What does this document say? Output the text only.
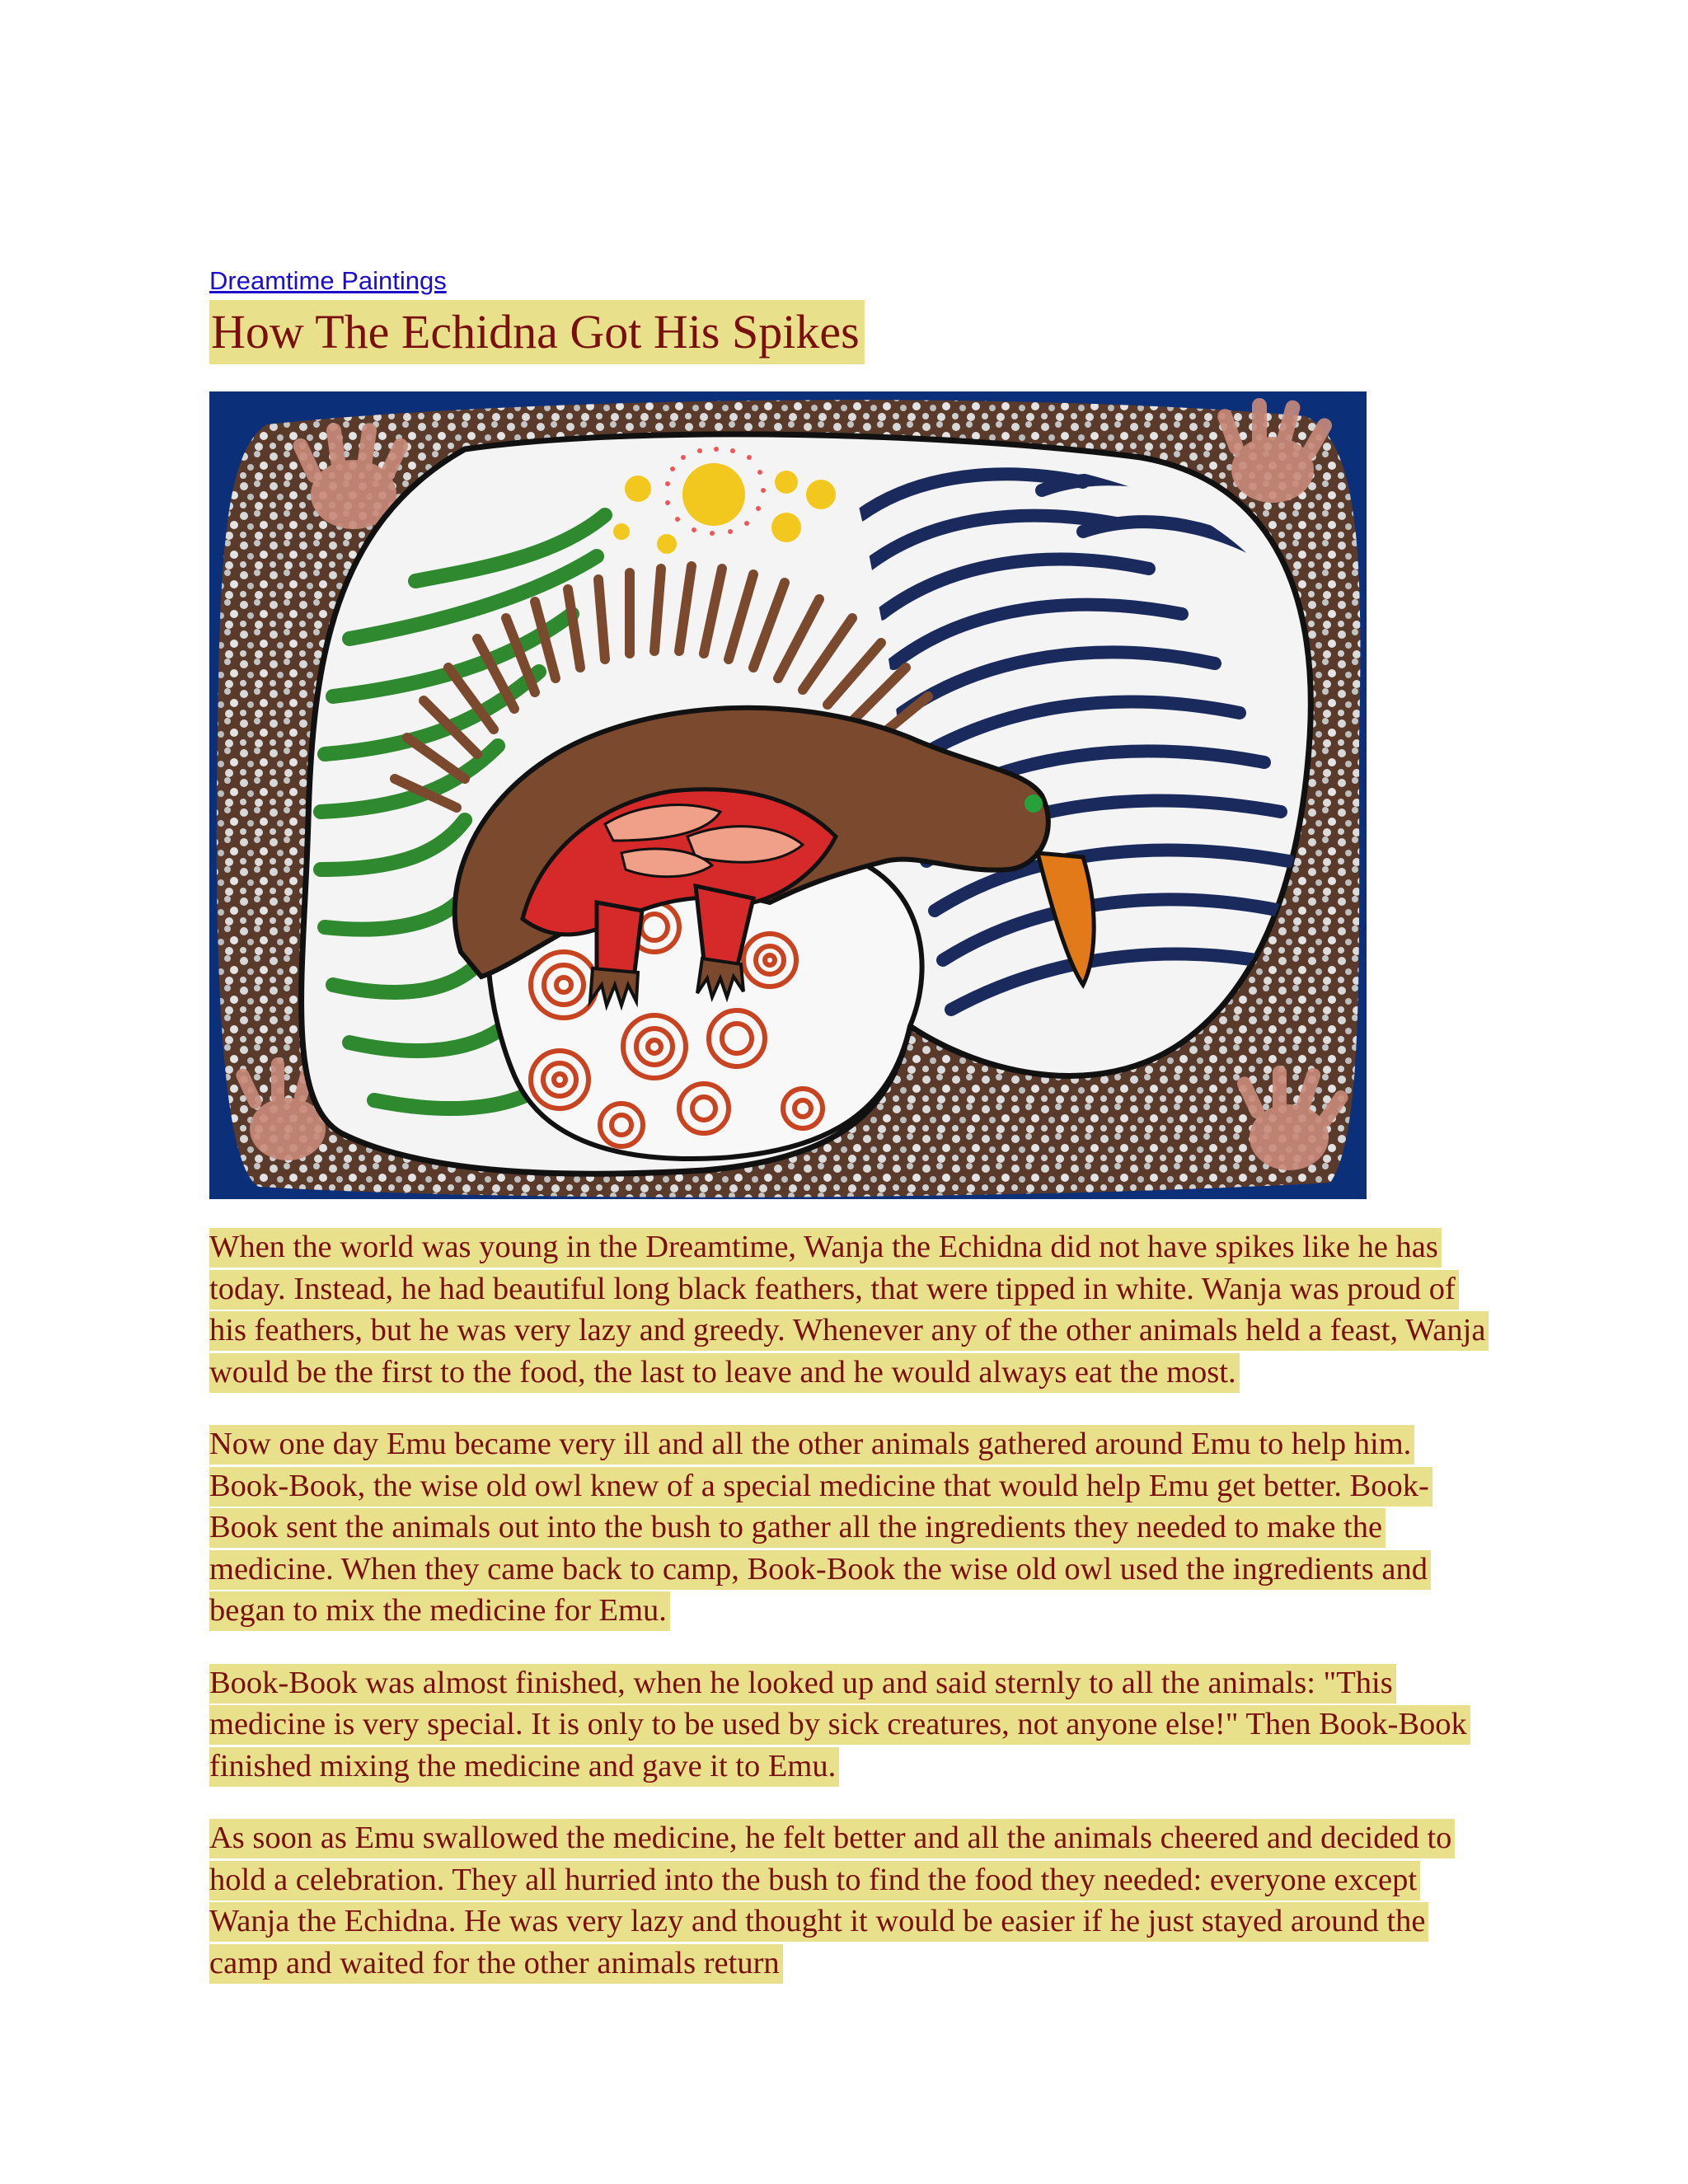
Dreamtime Paintings
How The Echidna Got His Spikes

When the world was young in the Dreamtime, Wanja the Echidna did not have spikes like he has today. Instead, he had beautiful long black feathers, that were tipped in white. Wanja was proud of his feathers, but he was very lazy and greedy. Whenever any of the other animals held a feast, Wanja would be the first to the food, the last to leave and he would always eat the most.

Now one day Emu became very ill and all the other animals gathered around Emu to help him. Book-Book, the wise old owl knew of a special medicine that would help Emu get better. Book-Book sent the animals out into the bush to gather all the ingredients they needed to make the medicine. When they came back to camp, Book-Book the wise old owl used the ingredients and began to mix the medicine for Emu.

Book-Book was almost finished, when he looked up and said sternly to all the animals: "This medicine is very special. It is only to be used by sick creatures, not anyone else!" Then Book-Book finished mixing the medicine and gave it to Emu.

As soon as Emu swallowed the medicine, he felt better and all the animals cheered and decided to hold a celebration. They all hurried into the bush to find the food they needed: everyone except Wanja the Echidna. He was very lazy and thought it would be easier if he just stayed around the camp and waited for the other animals return
